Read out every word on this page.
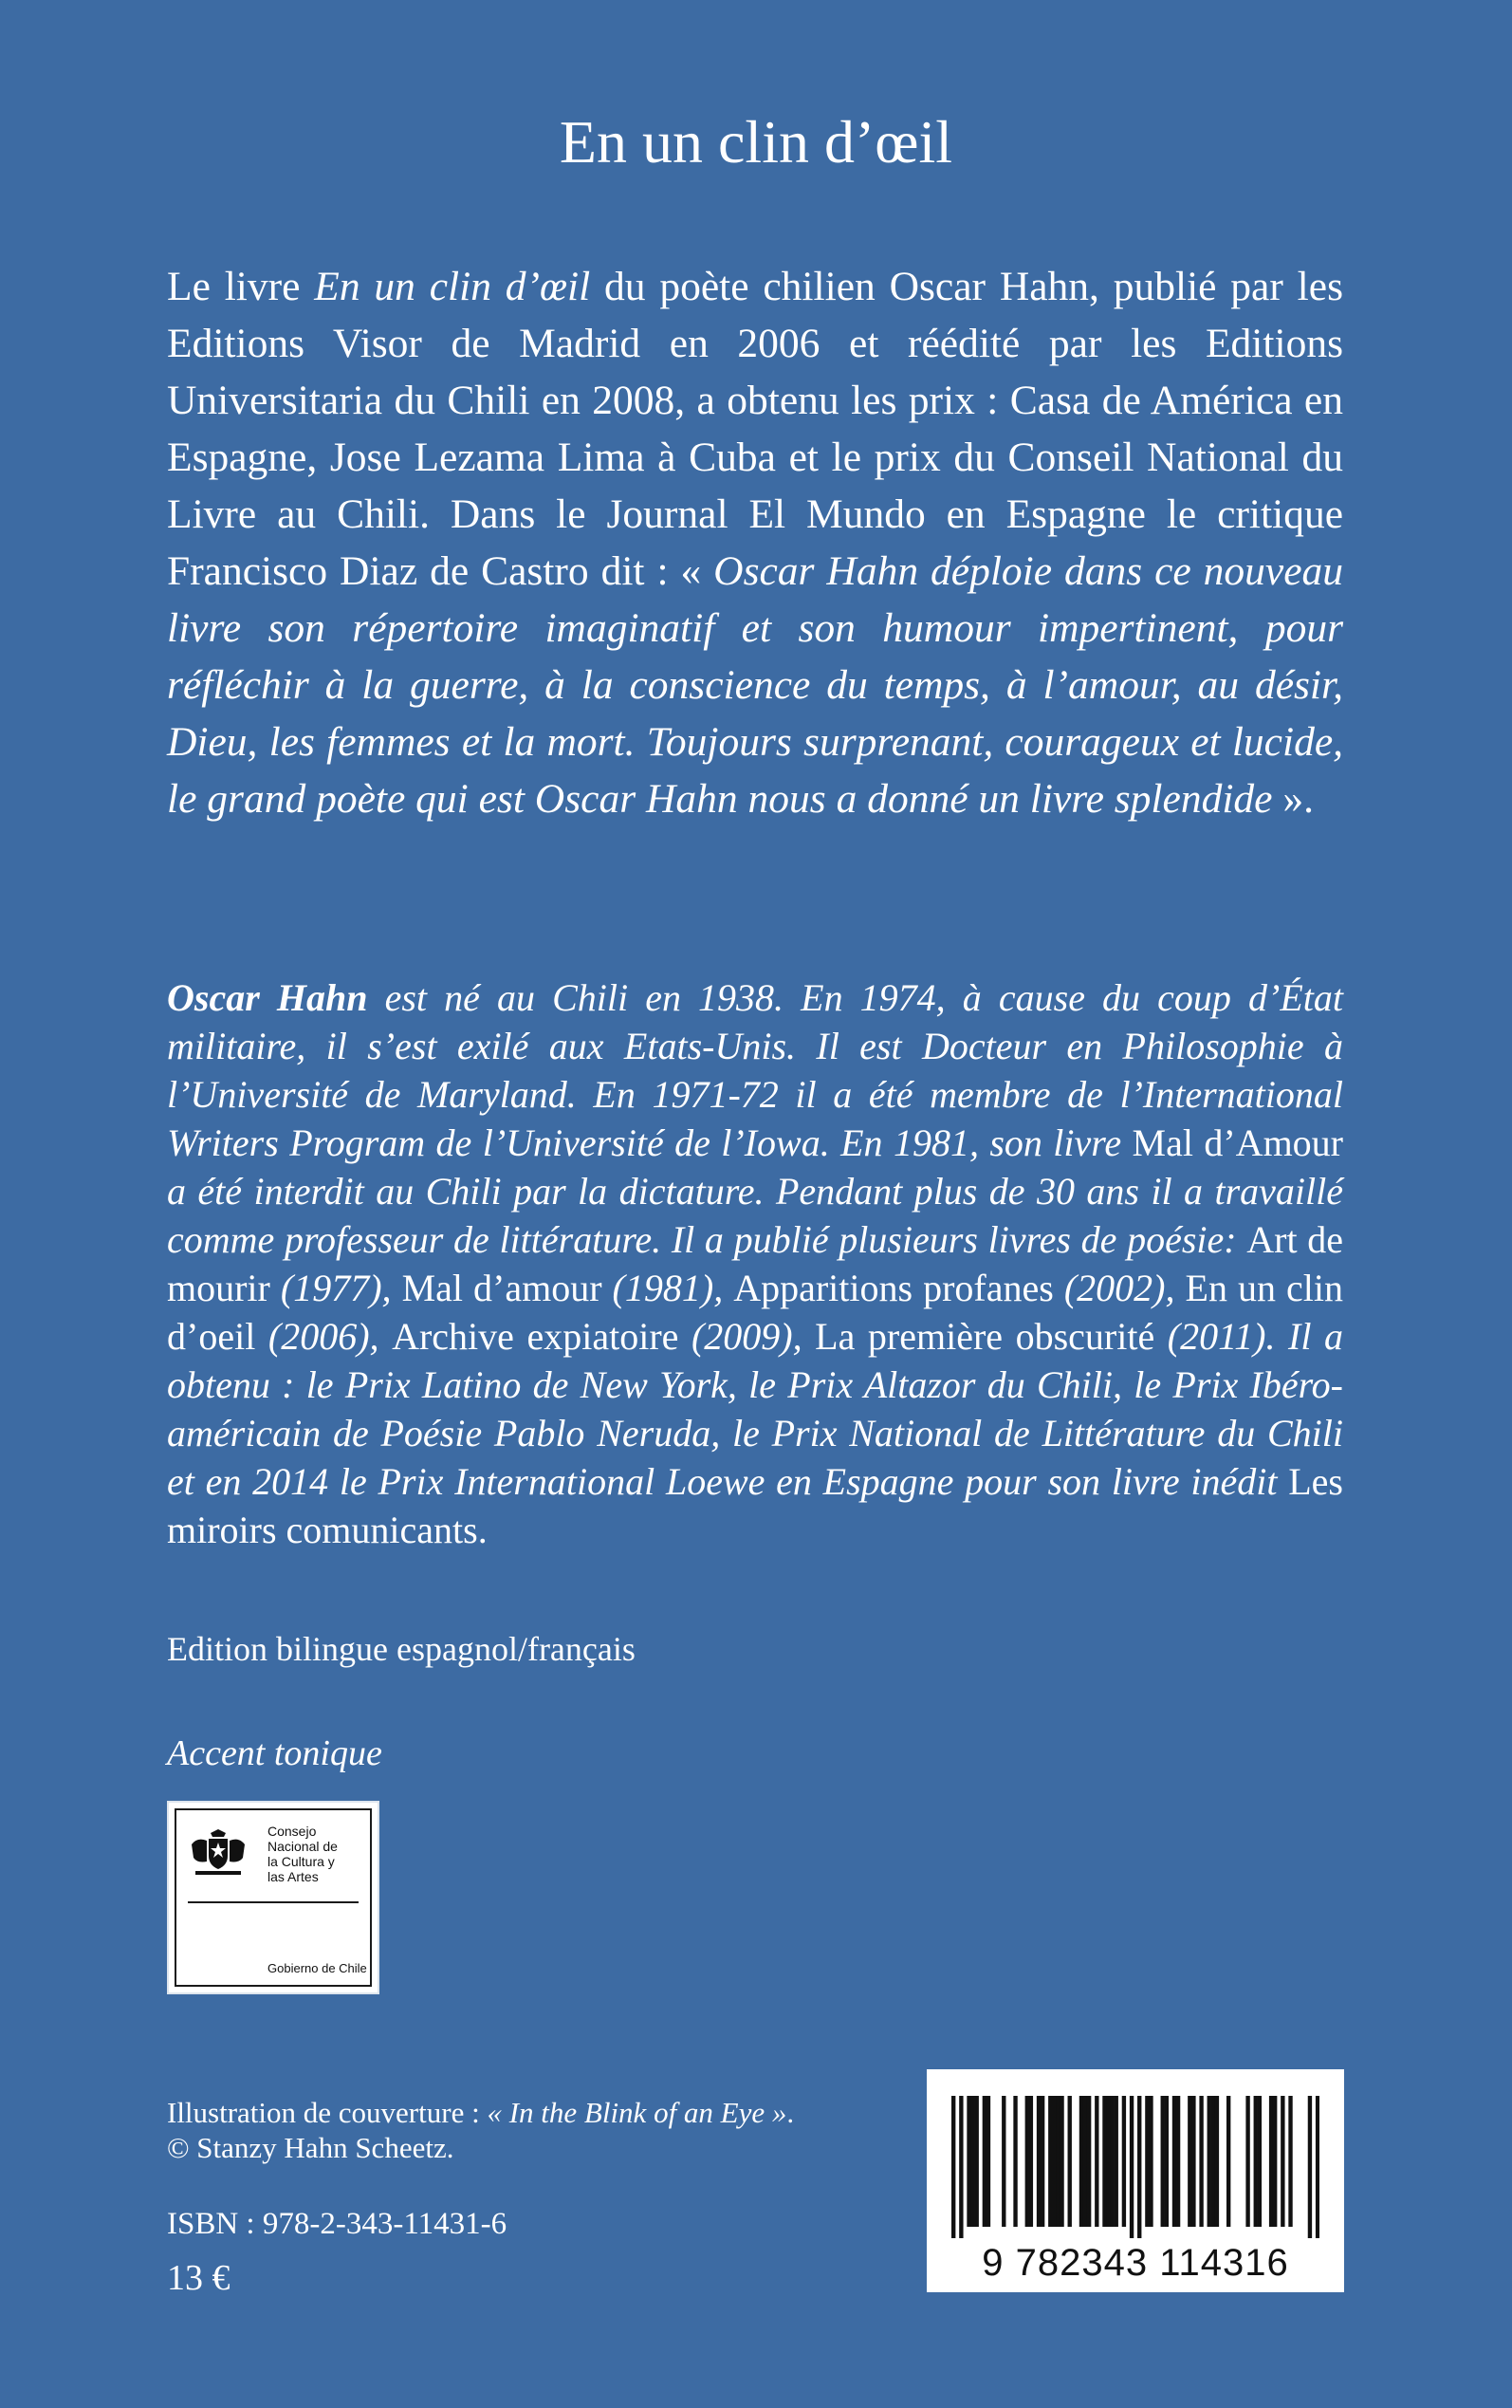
En un clin d’œil
Le livre En un clin d’œil du poète chilien Oscar Hahn, publié par les Editions Visor de Madrid en 2006 et réédité par les Editions Universitaria du Chili en 2008, a obtenu les prix : Casa de América en Espagne, Jose Lezama Lima à Cuba et le prix du Conseil National du Livre au Chili. Dans le Journal El Mundo en Espagne le critique Francisco Diaz de Castro dit : « Oscar Hahn déploie dans ce nouveau livre son répertoire imaginatif et son humour impertinent, pour réfléchir à la guerre, à la conscience du temps, à l’amour, au désir, Dieu, les femmes et la mort. Toujours surprenant, courageux et lucide, le grand poète qui est Oscar Hahn nous a donné un livre splendide ».
Oscar Hahn est né au Chili en 1938. En 1974, à cause du coup d’État militaire, il s’est exilé aux Etats-Unis. Il est Docteur en Philosophie à l’Université de Maryland. En 1971-72 il a été membre de l’International Writers Program de l’Université de l’Iowa. En 1981, son livre Mal d’Amour a été interdit au Chili par la dictature. Pendant plus de 30 ans il a travaillé comme professeur de littérature. Il a publié plusieurs livres de poésie: Art de mourir (1977), Mal d’amour (1981), Apparitions profanes (2002), En un clin d’oeil (2006), Archive expiatoire (2009), La première obscurité (2011). Il a obtenu : le Prix Latino de New York, le Prix Altazor du Chili, le Prix Ibéro-américain de Poésie Pablo Neruda, le Prix National de Littérature du Chili et en 2014 le Prix International Loewe en Espagne pour son livre inédit Les miroirs comunicants.
Edition bilingue espagnol/français
Accent tonique
Consejo
Nacional de
la Cultura y
las Artes
Gobierno de Chile
Illustration de couverture : « In the Blink of an Eye ».
© Stanzy Hahn Scheetz.
ISBN : 978-2-343-11431-6
13 €	9 782343 114316
